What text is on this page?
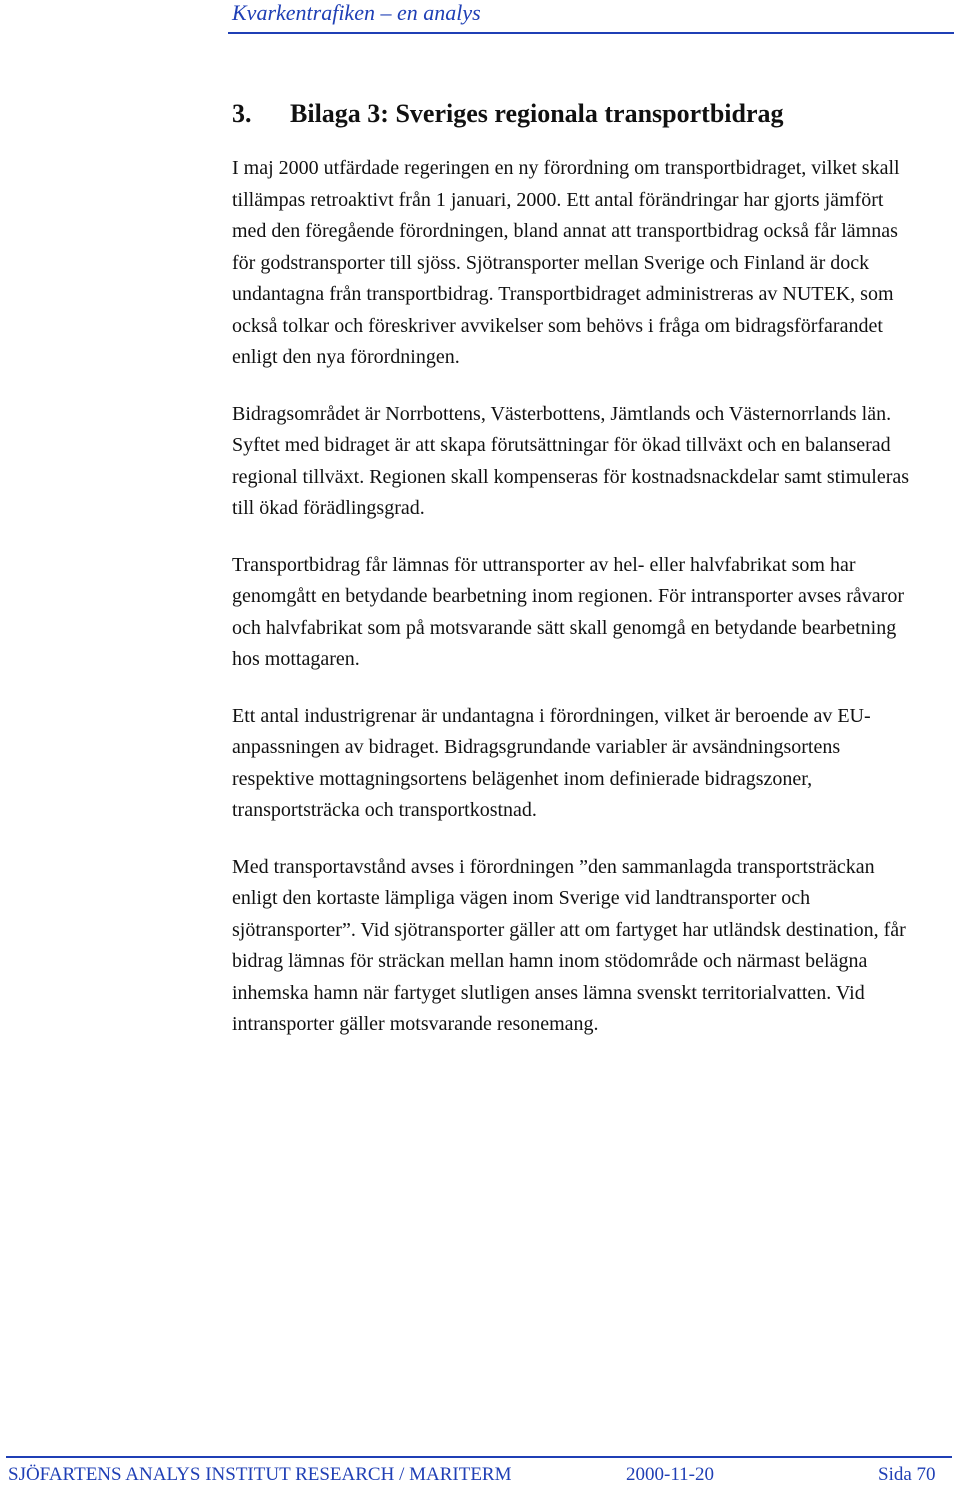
Kvarkentrafiken – en analys
3. Bilaga 3: Sveriges regionala transportbidrag

I maj 2000 utfärdade regeringen en ny förordning om transportbidraget, vilket skall tillämpas retroaktivt från 1 januari, 2000. Ett antal förändringar har gjorts jämfört med den föregående förordningen, bland annat att transportbidrag också får lämnas för godstransporter till sjöss. Sjötransporter mellan Sverige och Finland är dock undantagna från transportbidrag. Transportbidraget administreras av NUTEK, som också tolkar och föreskriver avvikelser som behövs i fråga om bidragsförfarandet enligt den nya förordningen.

Bidragsområdet är Norrbottens, Västerbottens, Jämtlands och Västernorrlands län. Syftet med bidraget är att skapa förutsättningar för ökad tillväxt och en balanserad regional tillväxt. Regionen skall kompenseras för kostnadsnackdelar samt stimuleras till ökad förädlingsgrad.

Transportbidrag får lämnas för uttransporter av hel- eller halvfabrikat som har genomgått en betydande bearbetning inom regionen. För intransporter avses råvaror och halvfabrikat som på motsvarande sätt skall genomgå en betydande bearbetning hos mottagaren.

Ett antal industrigrenar är undantagna i förordningen, vilket är beroende av EU-anpassningen av bidraget. Bidragsgrundande variabler är avsändningsortens respektive mottagningsortens belägenhet inom definierade bidragszoner, transportsträcka och transportkostnad.

Med transportavstånd avses i förordningen ”den sammanlagda transportsträckan enligt den kortaste lämpliga vägen inom Sverige vid landtransporter och sjötransporter”. Vid sjötransporter gäller att om fartyget har utländsk destination, får bidrag lämnas för sträckan mellan hamn inom stödområde och närmast belägna inhemska hamn när fartyget slutligen anses lämna svenskt territorialvatten. Vid intransporter gäller motsvarande resonemang.

SJÖFARTENS ANALYS INSTITUT RESEARCH / MARITERM	2000-11-20	Sida 70
